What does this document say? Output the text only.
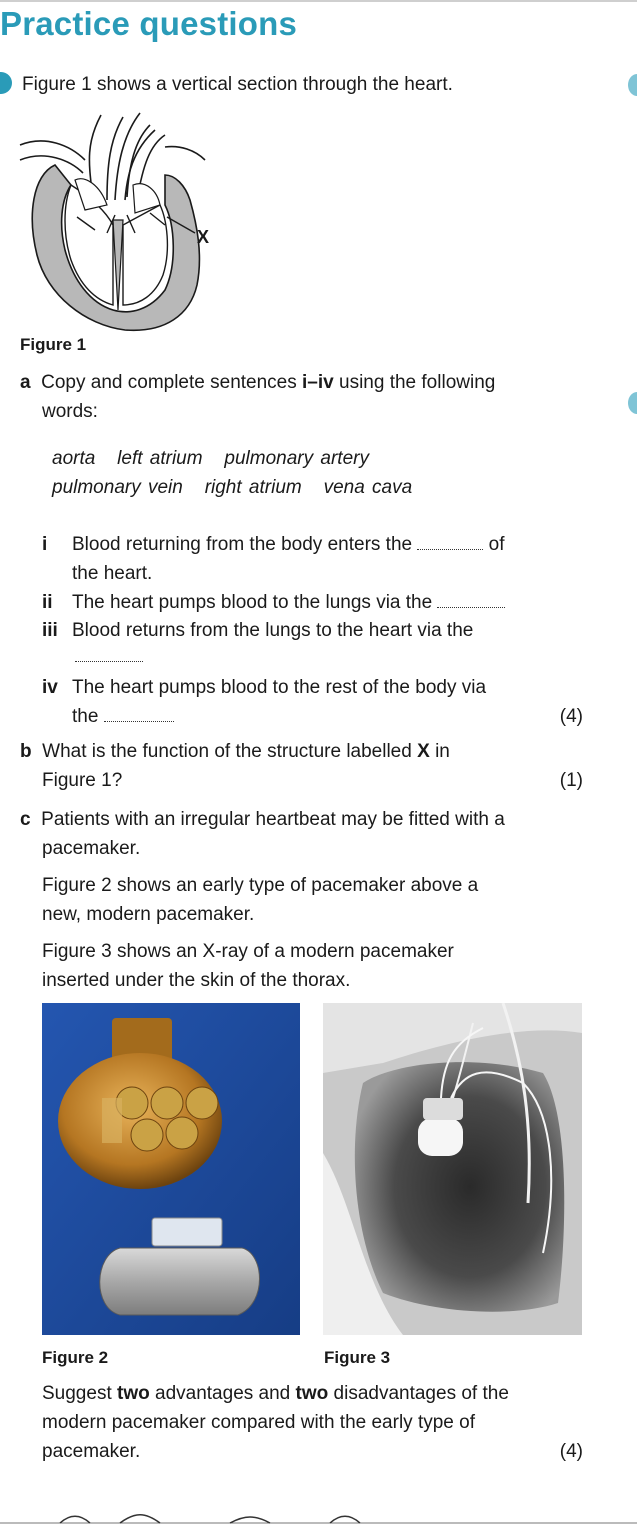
Practice questions
Figure 1 shows a vertical section through the heart.
X
Figure 1
a Copy and complete sentences i–iv using the following
words:
aorta left atrium pulmonary artery
pulmonary vein right atrium vena cava
i Blood returning from the body enters the	of
the heart.
ii The heart pumps blood to the lungs via the
iii Blood returns from the lungs to the heart via the
iv The heart pumps blood to the rest of the body via
the	(4)
b What is the function of the structure labelled X in
Figure 1?	(1)
c Patients with an irregular heartbeat may be fitted with a
pacemaker.
Figure 2 shows an early type of pacemaker above a
new, modern pacemaker.
Figure 3 shows an X-ray of a modern pacemaker
inserted under the skin of the thorax.
Figure 2	Figure 3
Suggest two advantages and two disadvantages of the
modern pacemaker compared with the early type of
pacemaker.	(4)
